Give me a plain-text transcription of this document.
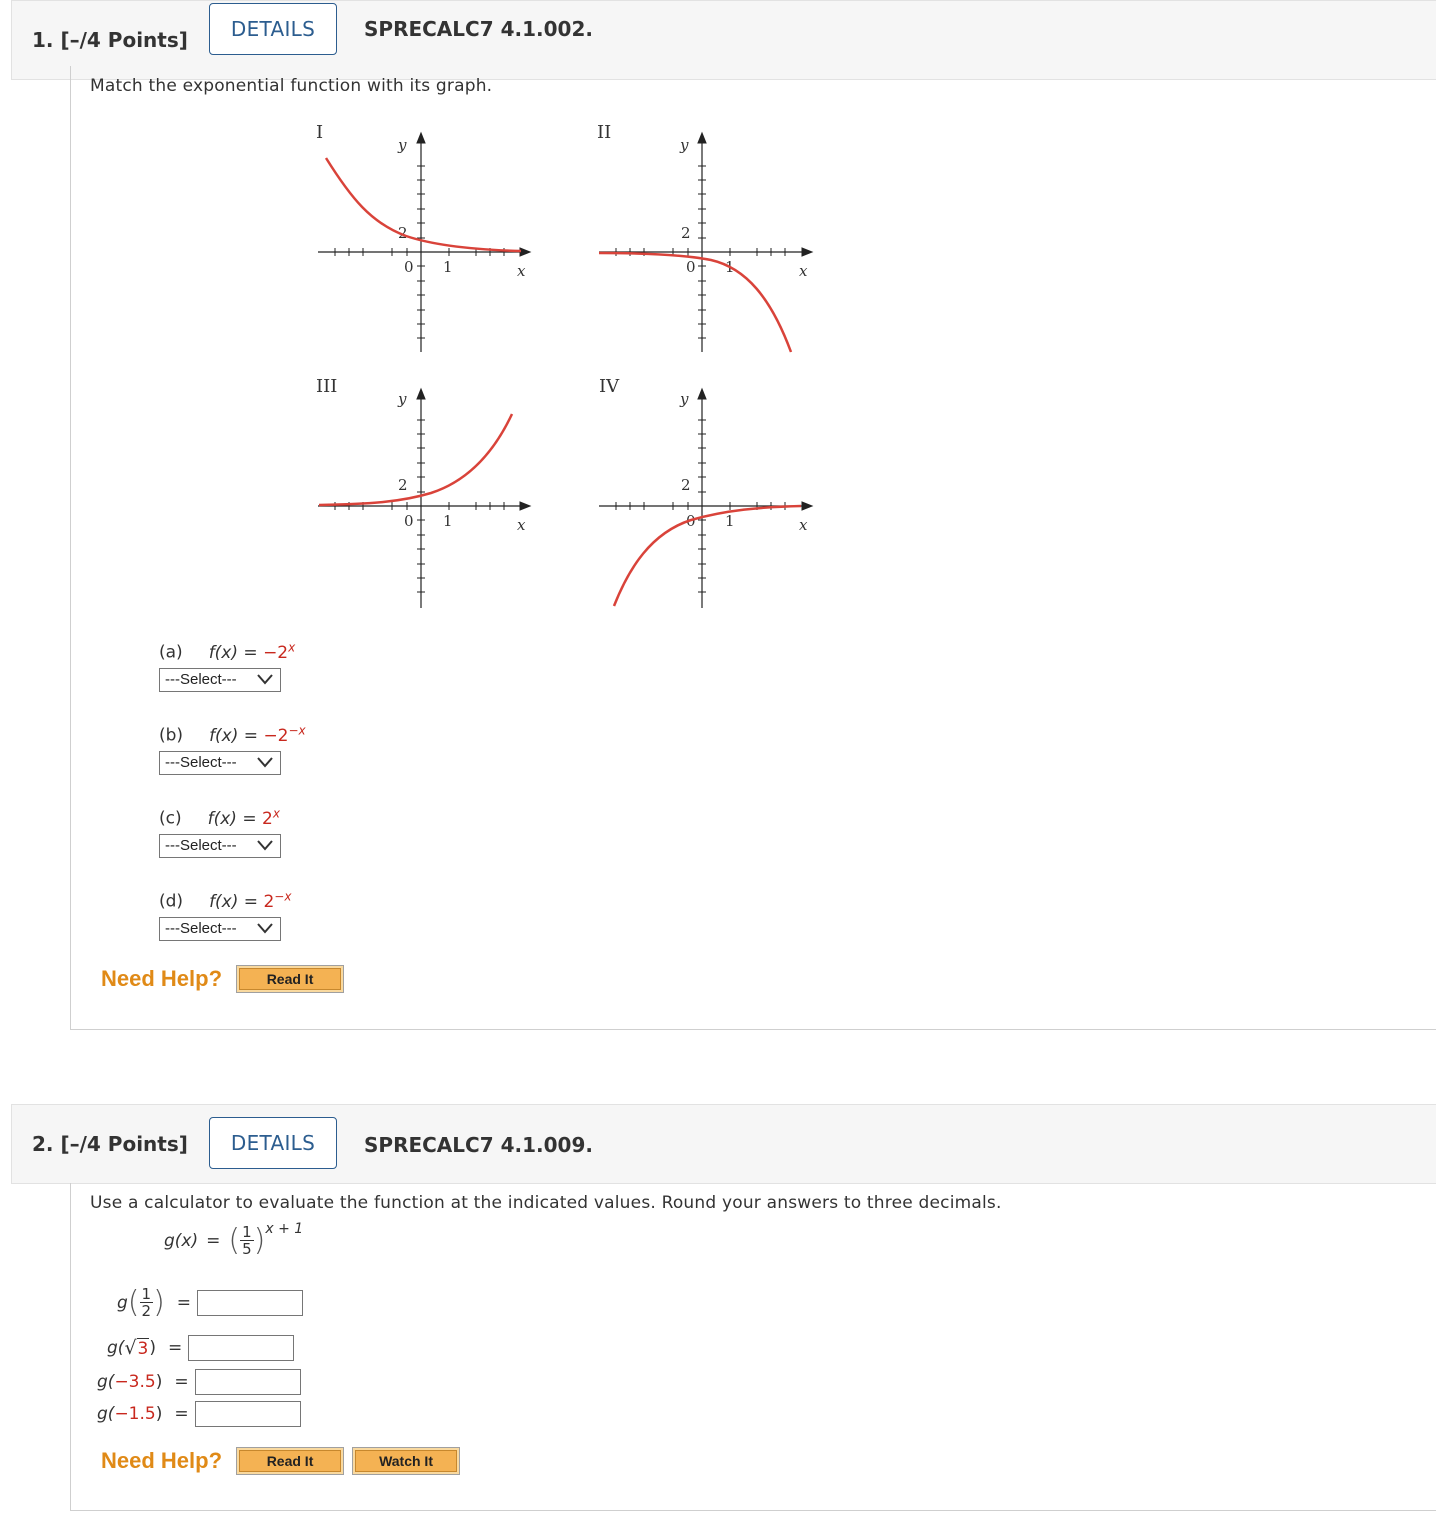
1. [–/4 Points]	DETAILS	SPRECALC7 4.1.002.
Match the exponential function with its graph.
I
y
x
2
0 1
II
y
x
2
0 1
III
y
x
2
0 1
IV
y
x
2
0 1
(a) $f(x) = -2^x$
---Select---
(b) $f(x) = -2^{-x}$
---Select---
(c) $f(x) = 2^x$
---Select---
(d) $f(x) = 2^{-x}$
---Select---
Need Help?	Read It
2. [–/4 Points]	DETAILS	SPRECALC7 4.1.009.
Use a calculator to evaluate the function at the indicated values. Round your answers to three decimals.
g(x) = ( $\frac{1}{5}$ ) $^{x + 1}$
g ( $\frac{1}{2}$ ) =
g( √ 3 ) =
g( −3.5 ) =
g( −1.5 ) =
Need Help?	Read It	Watch It
